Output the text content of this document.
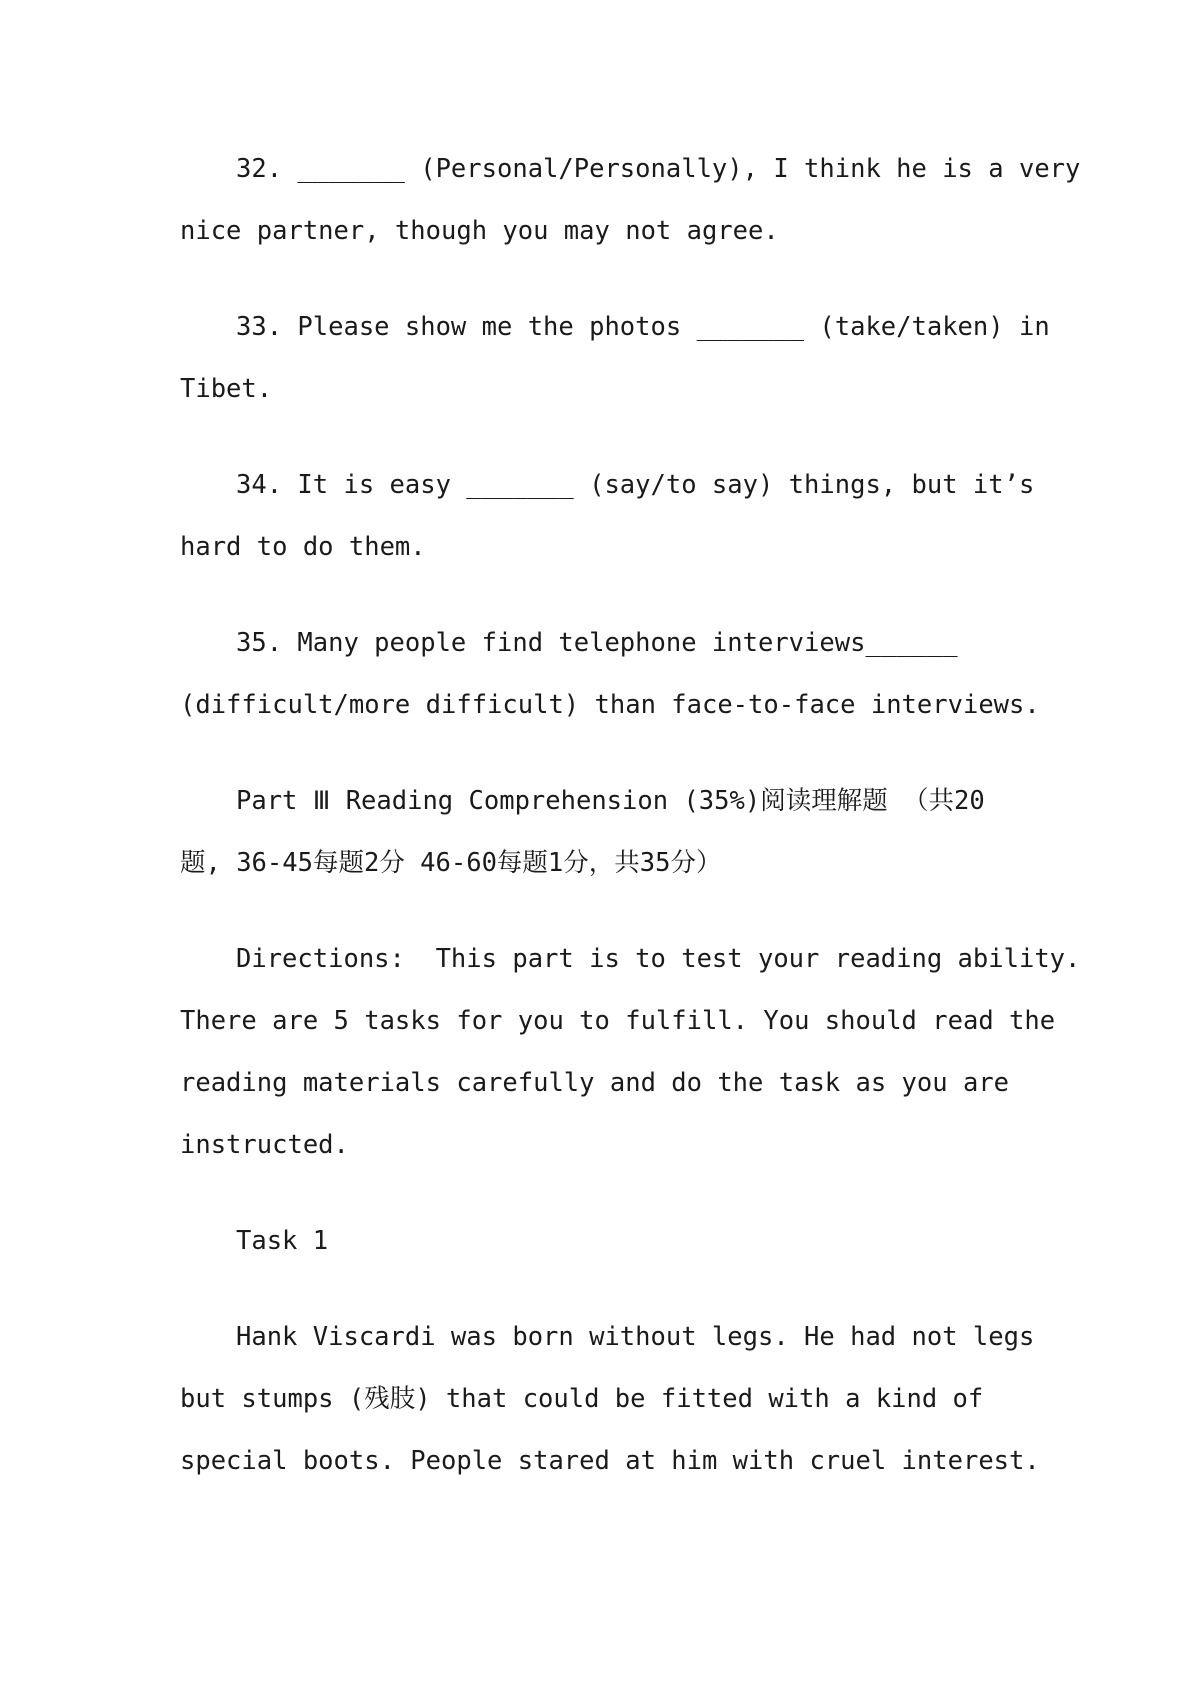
32. _______ (Personal/Personally), I think he is a very
nice partner, though you may not agree.

33. Please show me the photos _______ (take/taken) in
Tibet.

34. It is easy _______ (say/to say) things, but it’s
hard to do them.

35. Many people find telephone interviews______
(difficult/more difficult) than face-to-face interviews.

Part Ⅲ Reading Comprehension (35%)阅读理解题 （共20
题, 36-45每题2分 46-60每题1分，共35分）

Directions:  This part is to test your reading ability.
There are 5 tasks for you to fulfill. You should read the
reading materials carefully and do the task as you are
instructed.

Task 1

Hank Viscardi was born without legs. He had not legs
but stumps (残肢) that could be fitted with a kind of
special boots. People stared at him with cruel interest.
